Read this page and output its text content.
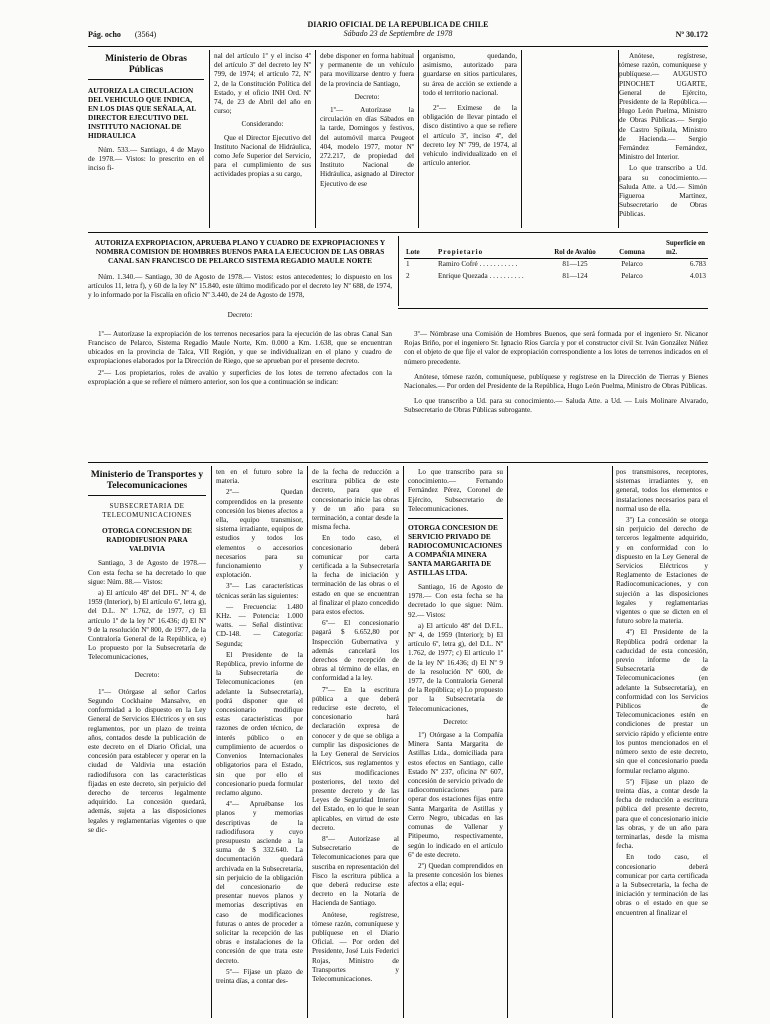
Pág. ocho (3564)
DIARIO OFICIAL DE LA REPUBLICA DE CHILE
Sábado 23 de Septiembre de 1978	Nº 30.172
Ministerio de Obras Públicas
AUTORIZA LA CIRCULACION DEL VEHICULO QUE INDICA, EN LOS DIAS QUE SEÑALA, AL DIRECTOR EJECUTIVO DEL INSTITUTO NACIONAL DE HIDRAULICA

Núm. 533.— Santiago, 4 de Mayo de 1978.— Vistos: lo prescrito en el inciso fi-

nal del artículo 1º y el inciso 4º del artículo 3º del decreto ley Nº 799, de 1974; el artículo 72, Nº 2, de la Constitución Política del Estado, y el oficio INH Ord. Nº 74, de 23 de Abril del año en curso;

Considerando:

Que el Director Ejecutivo del Instituto Nacional de Hidráulica, como Jefe Superior del Servicio, para el cumplimiento de sus actividades propias a su cargo,

debe disponer en forma habitual y permanente de un vehículo para movilizarse dentro y fuera de la provincia de Santiago,

Decreto:

1º— Autorízase la circulación en días Sábados en la tarde, Domingos y festivos, del automóvil marca Peugeot 404, modelo 1977, motor Nº 272.217, de propiedad del Instituto Nacional de Hidráulica, asignado al Director Ejecutivo de ese

organismo, quedando, asimismo, autorizado para guardarse en sitios particulares, su área de acción se extiende a todo el territorio nacional.

2º— Exímese de la obligación de llevar pintado el disco distintivo a que se refiere el artículo 3º, inciso 4º, del decreto ley Nº 799, de 1974, al vehículo individualizado en el artículo anterior.

Anótese, regístrese, tómese razón, comuníquese y publíquese.— AUGUSTO PINOCHET UGARTE, General de Ejército, Presidente de la República.— Hugo León Puelma, Ministro de Obras Públicas.— Sergio de Castro Spíkula, Ministro de Hacienda.— Sergio Fernández Fernández, Ministro del Interior.

Lo que transcribo a Ud. para su conocimiento.— Saluda Atte. a Ud.— Simón Figueroa Martínez, Subsecretario de Obras Públicas.

AUTORIZA EXPROPIACION, APRUEBA PLANO Y CUADRO DE EXPROPIACIONES Y NOMBRA COMISION DE HOMBRES BUENOS PARA LA EJECUCION DE LAS OBRAS CANAL SAN FRANCISCO DE PELARCO SISTEMA REGADIO MAULE NORTE

Núm. 1.340.— Santiago, 30 de Agosto de 1978.— Vistos: estos antecedentes; lo dispuesto en los artículos 11, letra f), y 60 de la ley Nº 15.840, este último modificado por el decreto ley Nº 688, de 1974, y lo informado por la Fiscalía en oficio Nº 3.440, de 24 de Agosto de 1978,

Decreto:

1º— Autorízase la expropiación de los terrenos necesarios para la ejecución de las obras Canal San Francisco de Pelarco, Sistema Regadío Maule Norte, Km. 0.000 a Km. 1.638, que se encuentran ubicados en la provincia de Talca, VII Región, y que se individualizan en el plano y cuadro de expropiaciones elaborados por la Dirección de Riego, que se aprueban por el presente decreto.

2º— Los propietarios, roles de avalúo y superficies de los lotes de terreno afectados con la expropiación a que se refiere el número anterior, son los que a continuación se indican:

Lote	Propietario	Rol de Avalúo	Comuna	Superficie en m2.
1	Ramiro Cofré . . . . . . . . . . .	81—125	Pelarco	6.783
2	Enrique Quezada . . . . . . . . . .	81—124	Pelarco	4.013

3º— Nómbrase una Comisión de Hombres Buenos, que será formada por el ingeniero Sr. Nicanor Rojas Briño, por el ingeniero Sr. Ignacio Ríos García y por el constructor civil Sr. Iván González Núñez con el objeto de que fije el valor de expropiación correspondiente a los lotes de terrenos indicados en el número precedente.

Anótese, tómese razón, comuníquese, publíquese y regístrese en la Dirección de Tierras y Bienes Nacionales.— Por orden del Presidente de la República, Hugo León Puelma, Ministro de Obras Públicas.

Lo que transcribo a Ud. para su conocimiento.— Saluda Atte. a Ud. — Luis Molinare Alvarado, Subsecretario de Obras Públicas subrogante.

Ministerio de Transportes y Telecomunicaciones
SUBSECRETARIA DE TELECOMUNICACIONES
OTORGA CONCESION DE RADIODIFUSION PARA VALDIVIA

Santiago, 3 de Agosto de 1978.— Con esta fecha se ha decretado lo que sigue: Núm. 88.— Vistos:

a) El artículo 48º del DFL. Nº 4, de 1959 (Interior), b) El artículo 6º, letra g), del D.L. Nº 1.762, de 1977, c) El artículo 1º de la ley Nº 16.436; d) El Nº 9 de la resolución Nº 800, de 1977, de la Contraloría General de la República, e) Lo propuesto por la Subsecretaría de Telecomunicaciones,

Decreto:

1º— Otórgase al señor Carlos Segundo Cockhaine Mansalve, en conformidad a lo dispuesto en la Ley General de Servicios Eléctricos y en sus reglamentos, por un plazo de treinta años, contados desde la publicación de este decreto en el Diario Oficial, una concesión para establecer y operar en la ciudad de Valdivia una estación radiodifusora con las características fijadas en este decreto, sin perjuicio del derecho de terceros legalmente adquirido. La concesión quedará, además, sujeta a las disposiciones legales y reglamentarias vigentes o que se dic-

ten en el futuro sobre la materia.

2º— Quedan comprendidos en la presente concesión los bienes afectos a ella, equipo transmisor, sistema irradiante, equipos de estudios y todos los elementos o accesorios necesarios para su funcionamiento y explotación.

3º— Las características técnicas serán las siguientes:

— Frecuencia: 1.480 KHz. — Potencia: 1.000 watts. — Señal distintiva: CD-148. — Categoría: Segunda;

El Presidente de la República, previo informe de la Subsecretaría de Telecomunicaciones (en adelante la Subsecretaría), podrá disponer que el concesionario modifique estas características por razones de orden técnico, de interés público o en cumplimiento de acuerdos o Convenios Internacionales obligatorios para el Estado, sin que por ello el concesionario pueda formular reclamo alguno.

4º— Apruébanse los planos y memorias descriptivas de la radiodifusora y cuyo presupuesto asciende a la suma de $ 332.640. La documentación quedará archivada en la Subsecretaría, sin perjuicio de la obligación del concesionario de presentar nuevos planos y memorias descriptivas en caso de modificaciones futuras o antes de proceder a solicitar la recepción de las obras e instalaciones de la concesión de que trata este decreto.

5º— Fíjase un plazo de treinta días, a contar des-

de la fecha de reducción a escritura pública de este decreto, para que el concesionario inicie las obras y de un año para su terminación, a contar desde la misma fecha.

En todo caso, el concesionario deberá comunicar por carta certificada a la Subsecretaría la fecha de iniciación y terminación de las obras o el estado en que se encuentran al finalizar el plazo concedido para estos efectos.

6º— El concesionario pagará $ 6.652,80 por Inspección Gubernativa y además cancelará los derechos de recepción de obras al término de ellas, en conformidad a la ley.

7º— En la escritura pública a que deberá reducirse este decreto, el concesionario hará declaración expresa de conocer y de que se obliga a cumplir las disposiciones de la Ley General de Servicios Eléctricos, sus reglamentos y sus modificaciones posteriores, del texto del presente decreto y de las Leyes de Seguridad Interior del Estado, en lo que le sean aplicables, en virtud de este decreto.

8º— Autorízase al Subsecretario de Telecomunicaciones para que suscriba en representación del Fisco la escritura pública a que deberá reducirse este decreto en la Notaría de Hacienda de Santiago.

Anótese, regístrese, tómese razón, comuníquese y publíquese en el Diario Oficial. — Por orden del Presidente, José Luis Federici Rojas, Ministro de Transportes y Telecomunicaciones.

Lo que transcribo para su conocimiento.— Fernando Fernández Pérez, Coronel de Ejército, Subsecretario de Telecomunicaciones.

OTORGA CONCESION DE SERVICIO PRIVADO DE RADIOCOMUNICACIONES A COMPAÑIA MINERA SANTA MARGARITA DE ASTILLAS LTDA.

Santiago, 16 de Agosto de 1978.— Con esta fecha se ha decretado lo que sigue: Núm. 92.— Vistos:

a) El artículo 48º del D.F.L. Nº 4, de 1959 (Interior); b) El artículo 6º, letra g), del D.L. Nº 1.762, de 1977; c) El artículo 1º de la ley Nº 16.436; d) El Nº 9 de la resolución Nº 600, de 1977, de la Contraloría General de la República; e) Lo propuesto por la Subsecretaría de Telecomunicaciones,

Decreto:

1º) Otórgase a la Compañía Minera Santa Margarita de Astillas Ltda., domiciliada para estos efectos en Santiago, calle Estado Nº 237, oficina Nº 607, concesión de servicio privado de radiocomunicaciones para operar dos estaciones fijas entre Santa Margarita de Astillas y Cerro Negro, ubicadas en las comunas de Vallenar y Pitipeumo, respectivamente, según lo indicado en el artículo 6º de este decreto.

2º) Quedan comprendidos en la presente concesión los bienes afectos a ella; equi-

pos transmisores, receptores, sistemas irradiantes y, en general, todos los elementos e instalaciones necesarios para el normal uso de ella.

3º) La concesión se otorga sin perjuicio del derecho de terceros legalmente adquirido, y en conformidad con lo dispuesto en la Ley General de Servicios Eléctricos y Reglamento de Estaciones de Radiocomunicaciones, y con sujeción a las disposiciones legales y reglamentarias vigentes o que se dicten en el futuro sobre la materia.

4º) El Presidente de la República podrá ordenar la caducidad de esta concesión, previo informe de la Subsecretaría de Telecomunicaciones (en adelante la Subsecretaría), en conformidad con los Servicios Públicos de Telecomunicaciones estén en condiciones de prestar un servicio rápido y eficiente entre los puntos mencionados en el número sexto de este decreto, sin que el concesionario pueda formular reclamo alguno.

5º) Fíjase un plazo de treinta días, a contar desde la fecha de reducción a escritura pública del presente decreto, para que el concesionario inicie las obras, y de un año para terminarlas, desde la misma fecha.

En todo caso, el concesionario deberá comunicar por carta certificada a la Subsecretaría, la fecha de iniciación y terminación de las obras o el estado en que se encuentren al finalizar el
